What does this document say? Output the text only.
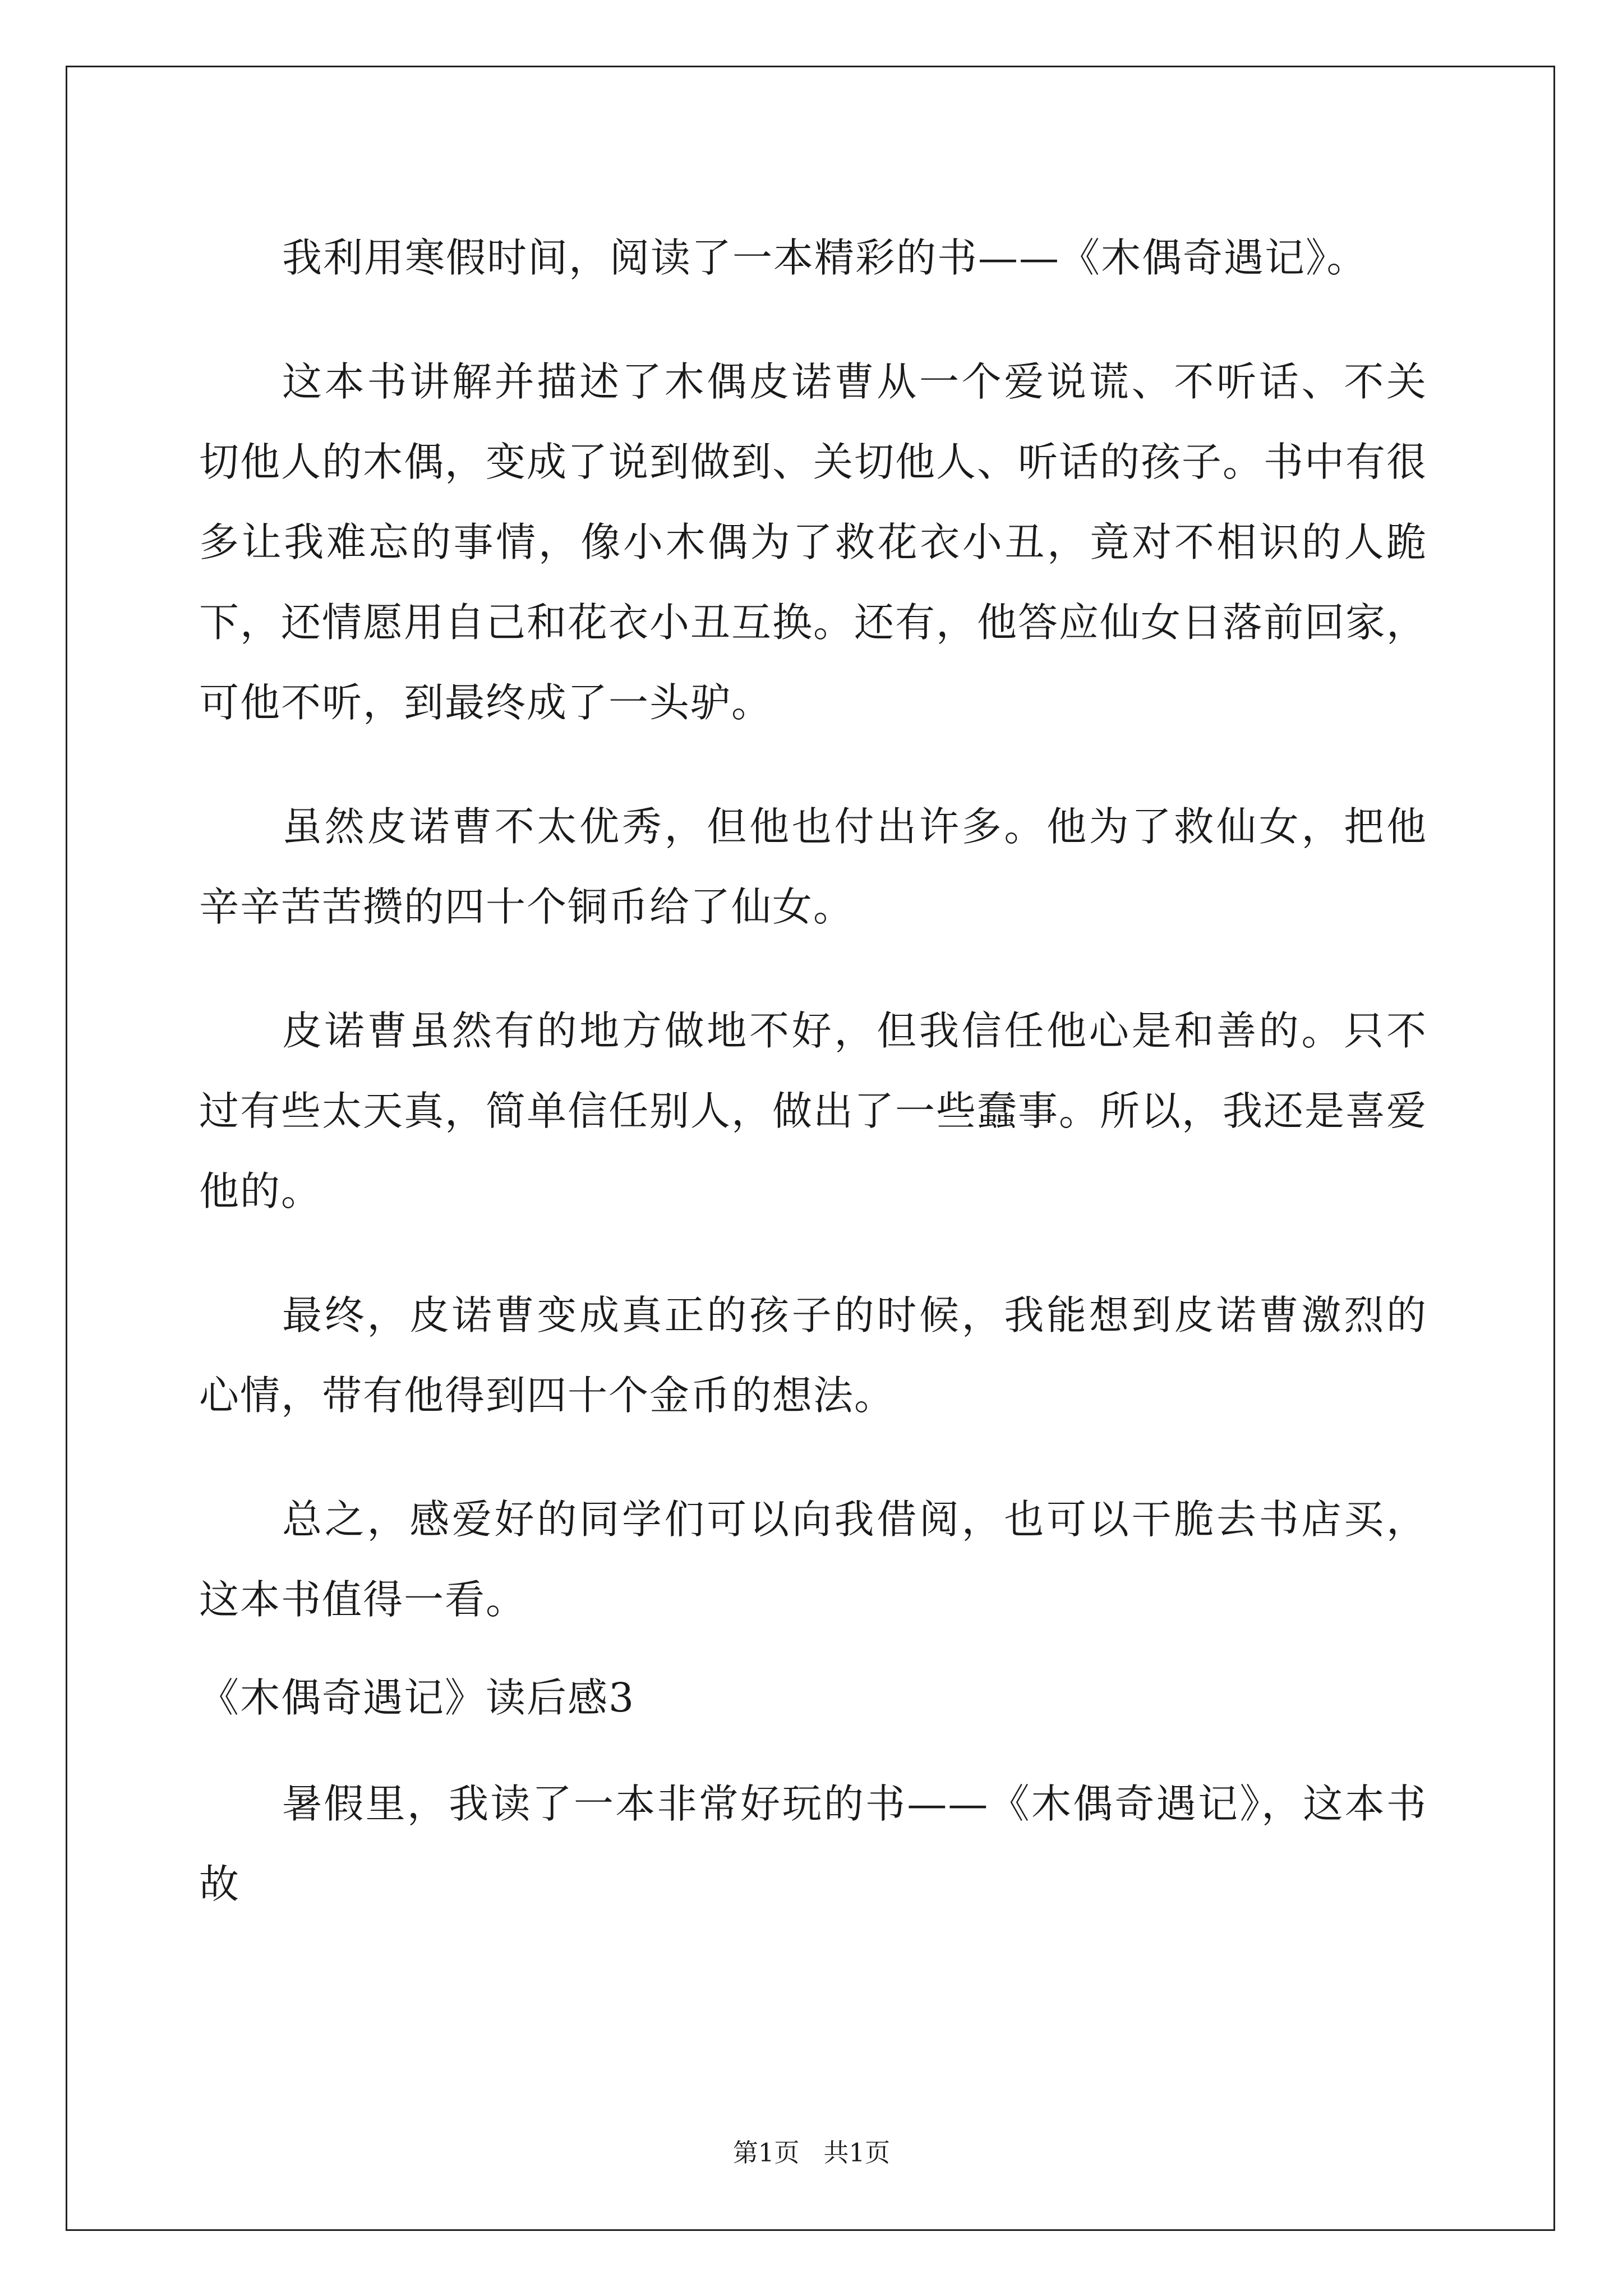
我利用寒假时间，阅读了一本精彩的书——《木偶奇遇记》。

这本书讲解并描述了木偶皮诺曹从一个爱说谎、不听话、不关切他人的木偶，变成了说到做到、关切他人、听话的孩子。书中有很多让我难忘的事情，像小木偶为了救花衣小丑，竟对不相识的人跪下，还情愿用自己和花衣小丑互换。还有，他答应仙女日落前回家，可他不听，到最终成了一头驴。

虽然皮诺曹不太优秀，但他也付出许多。他为了救仙女，把他辛辛苦苦攒的四十个铜币给了仙女。

皮诺曹虽然有的地方做地不好，但我信任他心是和善的。只不过有些太天真，简单信任别人，做出了一些蠢事。所以，我还是喜爱他的。

最终，皮诺曹变成真正的孩子的时候，我能想到皮诺曹激烈的心情，带有他得到四十个金币的想法。

总之，感爱好的同学们可以向我借阅，也可以干脆去书店买，这本书值得一看。

《木偶奇遇记》读后感3

暑假里，我读了一本非常好玩的书——《木偶奇遇记》，这本书故

第1页   共1页
